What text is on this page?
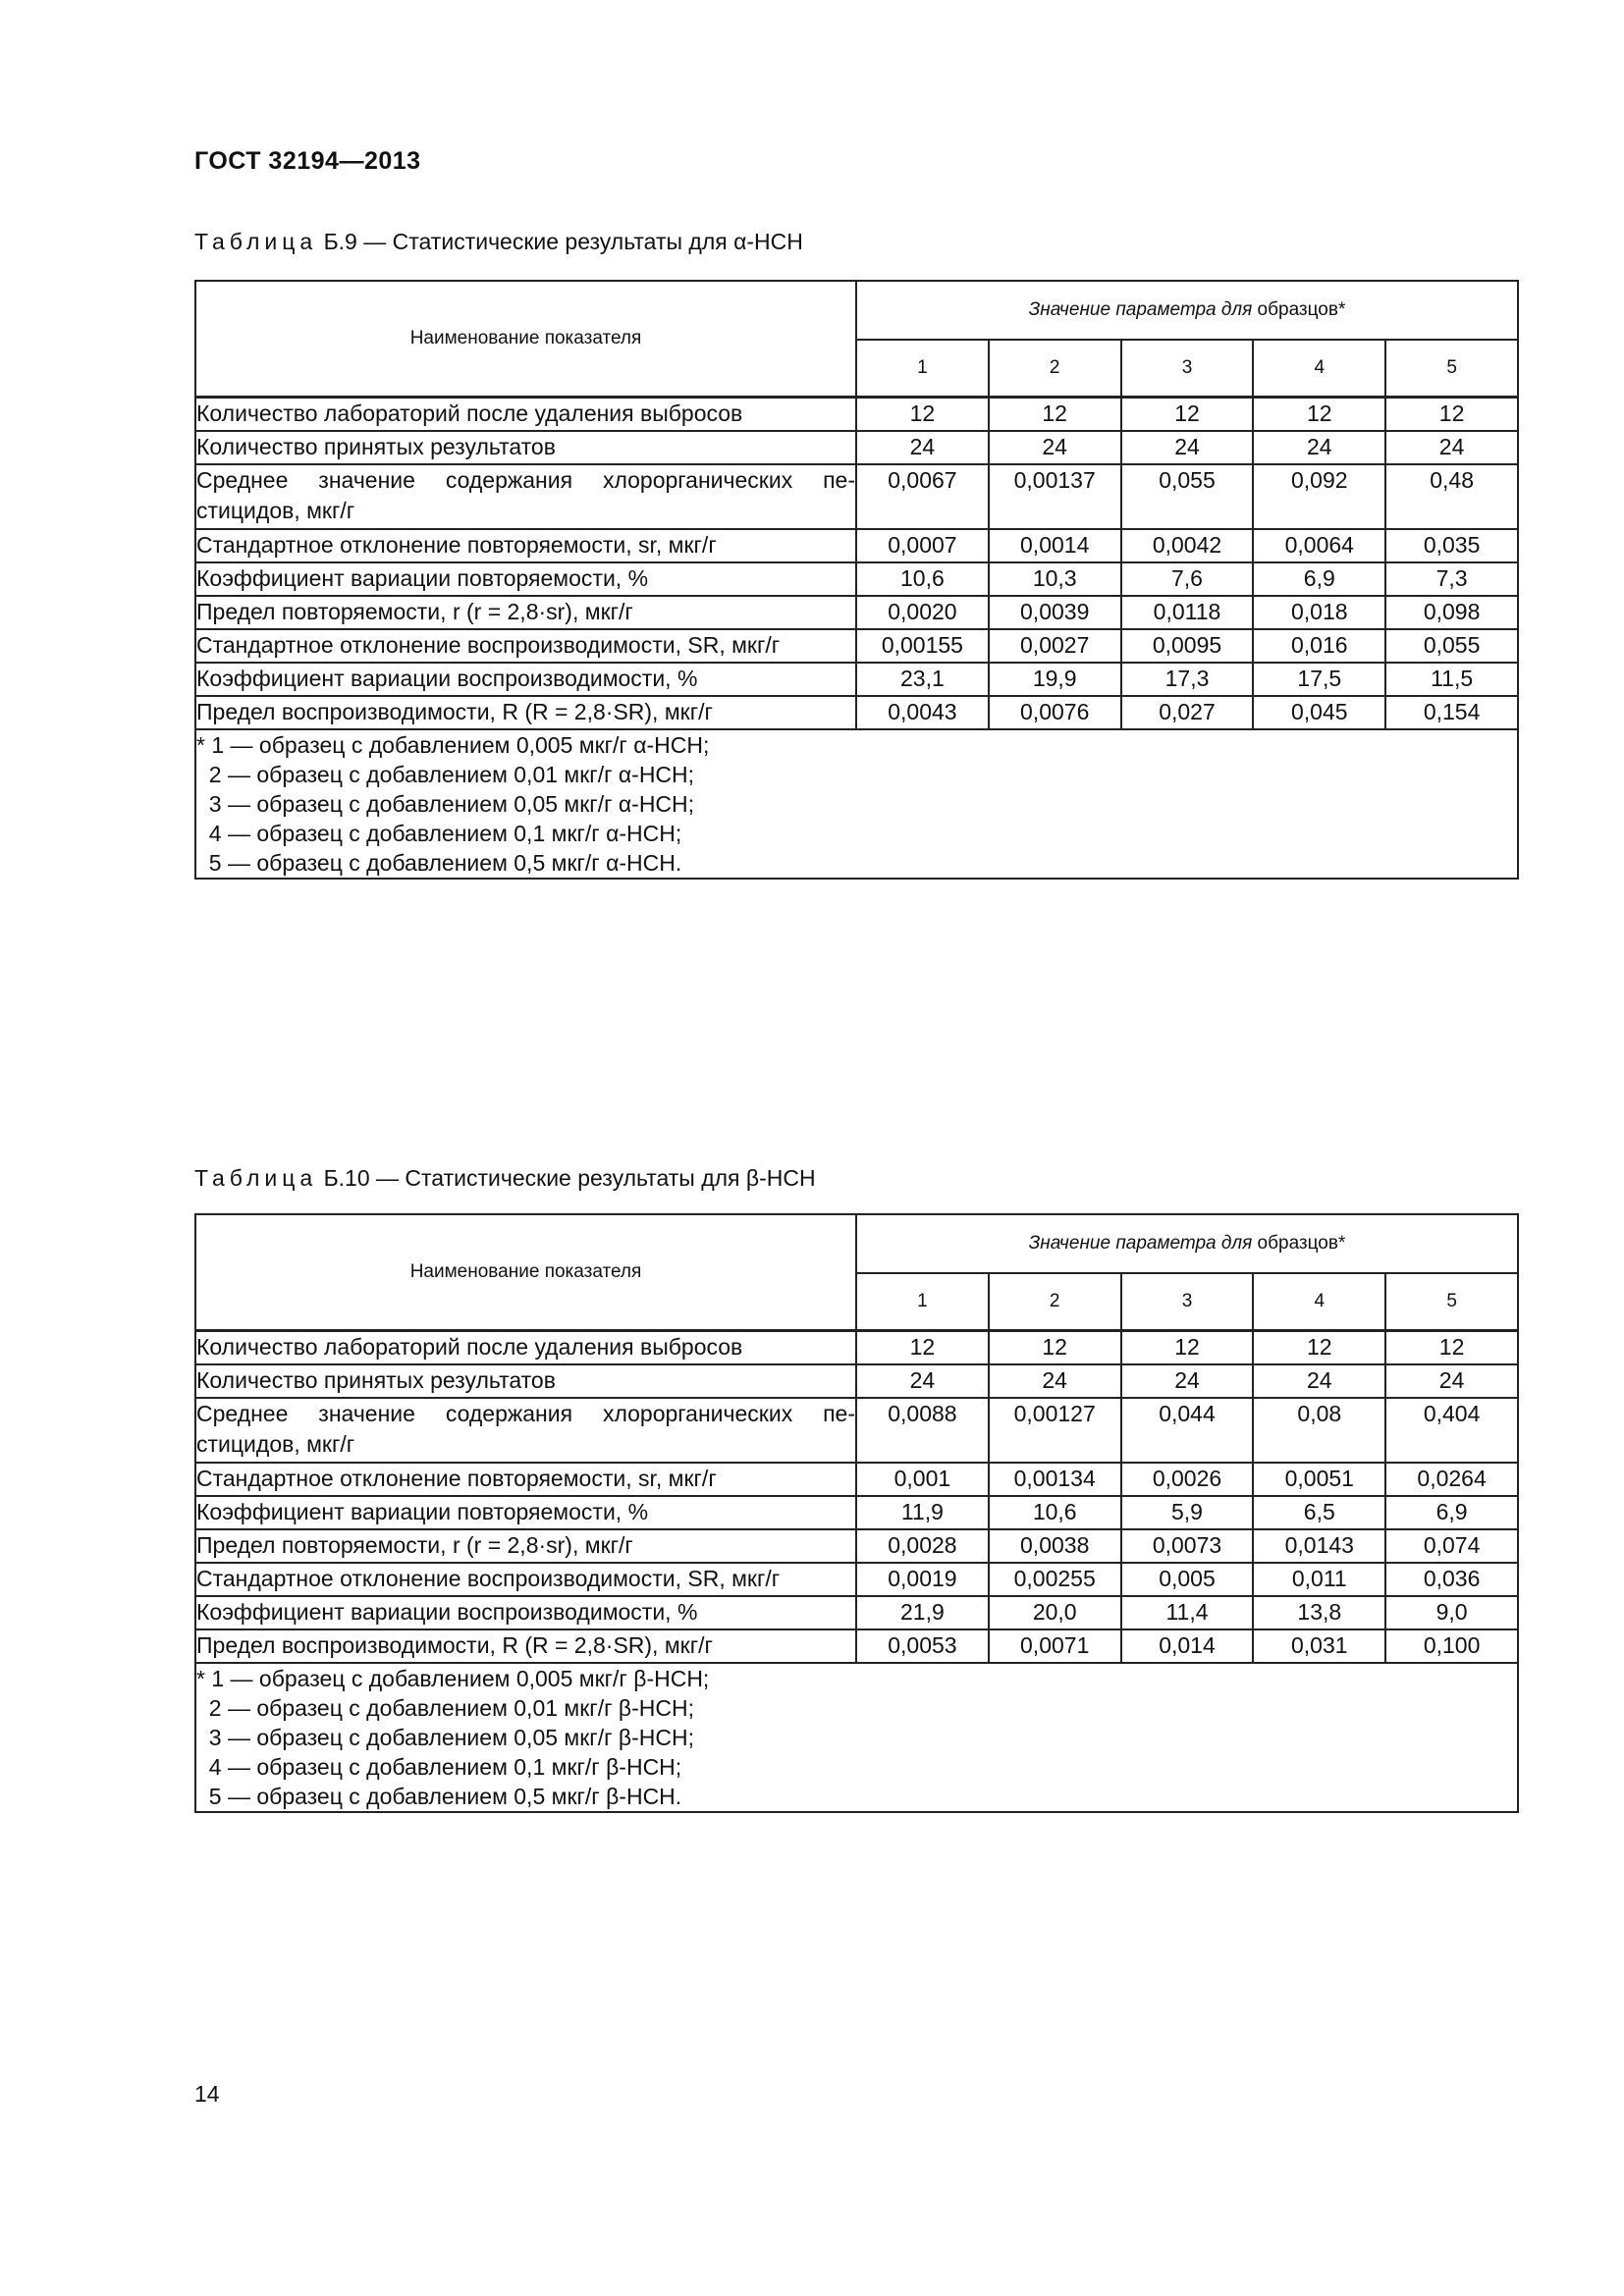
ГОСТ 32194—2013
Таблица Б.9 — Статистические результаты для α-HCH
Наименование показателя	Значение параметра для образцов*				
	1	2	3	4	5
Количество лабораторий после удаления выбросов	12	12	12	12	12
Количество принятых результатов	24	24	24	24	24
Среднее значение содержания хлорорганических пе-стицидов, мкг/г	0,0067	0,00137	0,055	0,092	0,48
Стандартное отклонение повторяемости, sr, мкг/г	0,0007	0,0014	0,0042	0,0064	0,035
Коэффициент вариации повторяемости, %	10,6	10,3	7,6	6,9	7,3
Предел повторяемости, r (r = 2,8·sr), мкг/г	0,0020	0,0039	0,0118	0,018	0,098
Стандартное отклонение воспроизводимости, SR, мкг/г	0,00155	0,0027	0,0095	0,016	0,055
Коэффициент вариации воспроизводимости, %	23,1	19,9	17,3	17,5	11,5
Предел воспроизводимости, R (R = 2,8·SR), мкг/г	0,0043	0,0076	0,027	0,045	0,154

* 1 — образец с добавлением 0,005 мкг/г α-HCH;
2 — образец с добавлением 0,01 мкг/г α-HCH;
3 — образец с добавлением 0,05 мкг/г α-HCH;
4 — образец с добавлением 0,1 мкг/г α-HCH;
5 — образец с добавлением 0,5 мкг/г α-HCH.					
Таблица Б.10 — Статистические результаты для β-HCH
Наименование показателя	Значение параметра для образцов*				
	1	2	3	4	5
Количество лабораторий после удаления выбросов	12	12	12	12	12
Количество принятых результатов	24	24	24	24	24
Среднее значение содержания хлорорганических пе-стицидов, мкг/г	0,0088	0,00127	0,044	0,08	0,404
Стандартное отклонение повторяемости, sr, мкг/г	0,001	0,00134	0,0026	0,0051	0,0264
Коэффициент вариации повторяемости, %	11,9	10,6	5,9	6,5	6,9
Предел повторяемости, r (r = 2,8·sr), мкг/г	0,0028	0,0038	0,0073	0,0143	0,074
Стандартное отклонение воспроизводимости, SR, мкг/г	0,0019	0,00255	0,005	0,011	0,036
Коэффициент вариации воспроизводимости, %	21,9	20,0	11,4	13,8	9,0
Предел воспроизводимости, R (R = 2,8·SR), мкг/г	0,0053	0,0071	0,014	0,031	0,100

* 1 — образец с добавлением 0,005 мкг/г β-HCH;
2 — образец с добавлением 0,01 мкг/г β-HCH;
3 — образец с добавлением 0,05 мкг/г β-HCH;
4 — образец с добавлением 0,1 мкг/г β-HCH;
5 — образец с добавлением 0,5 мкг/г β-HCH.					
14
